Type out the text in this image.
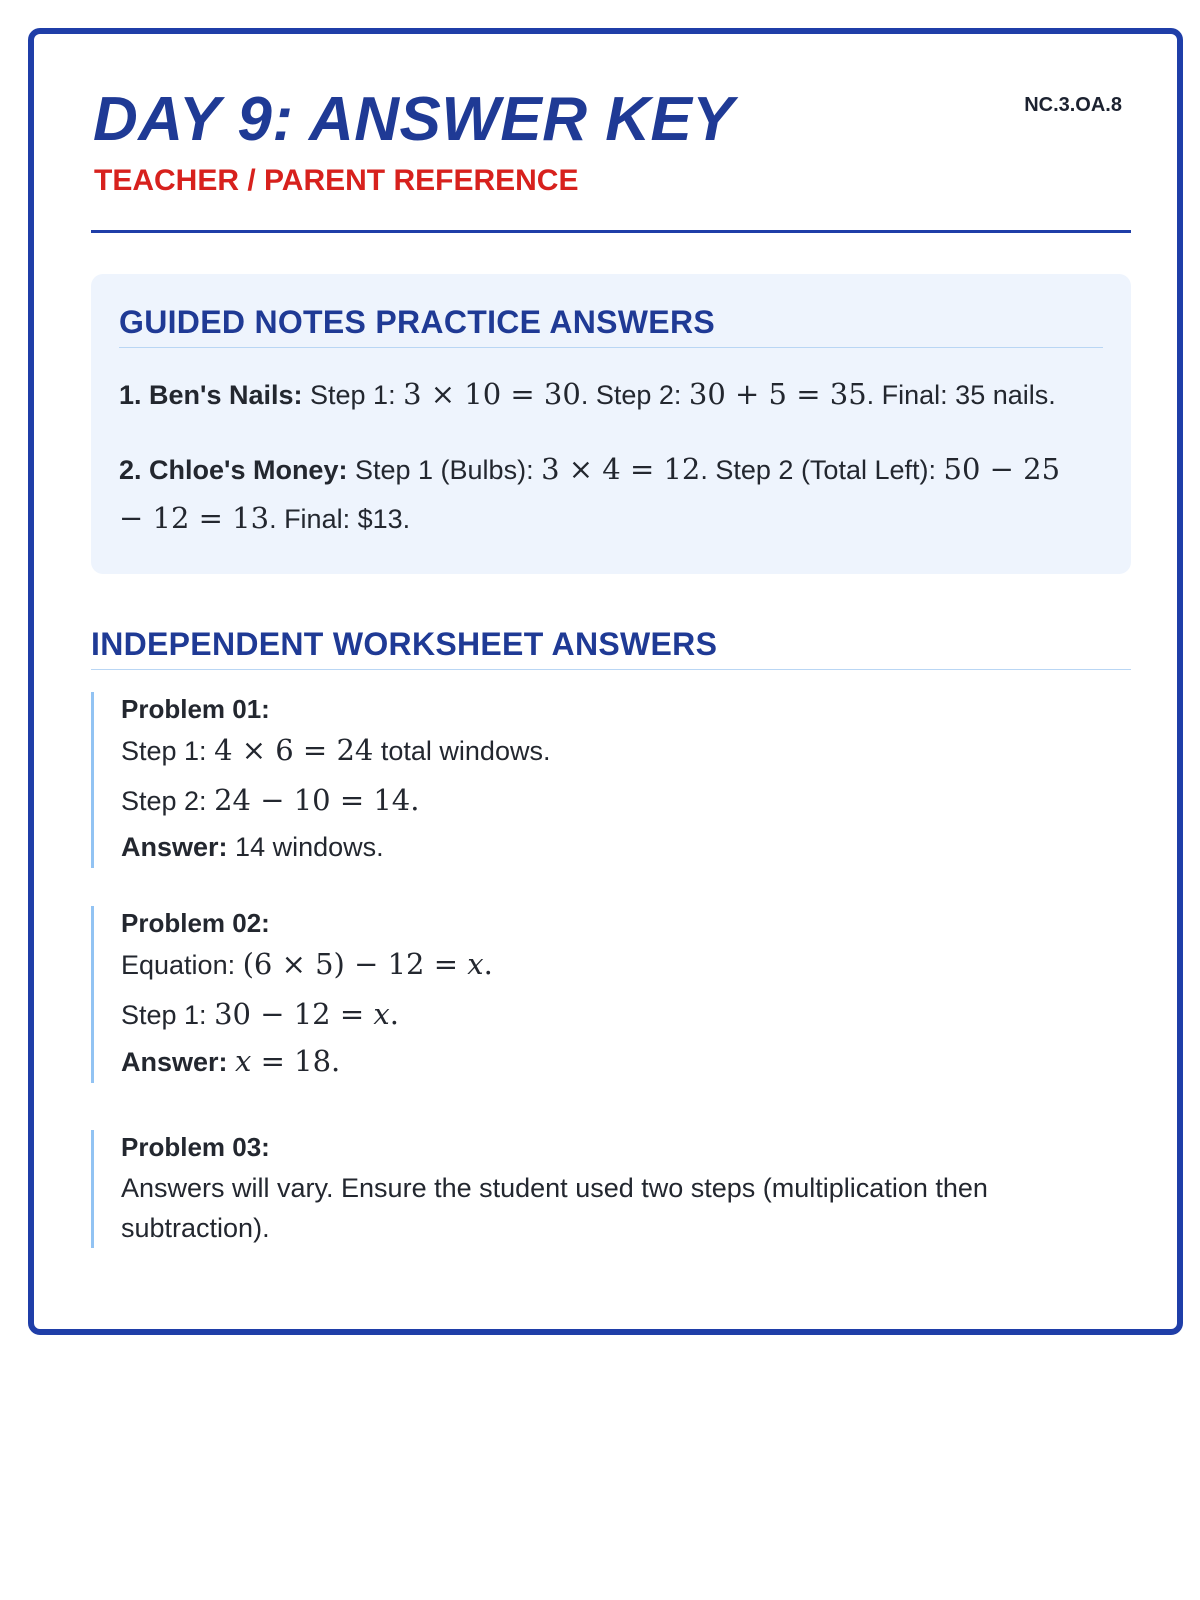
NC.3.OA.8
DAY 9: ANSWER KEY
TEACHER / PARENT REFERENCE
GUIDED NOTES PRACTICE ANSWERS
1. Ben's Nails: Step 1: 3 × 10 = 30. Step 2: 30 + 5 = 35. Final: 35 nails.
2. Chloe's Money: Step 1 (Bulbs): 3 × 4 = 12. Step 2 (Total Left): 50 − 25
− 12 = 13. Final: $13.
INDEPENDENT WORKSHEET ANSWERS
Problem 01:
Step 1: 4 × 6 = 24 total windows.
Step 2: 24 − 10 = 14.
Answer: 14 windows.
Problem 02:
Equation: (6 × 5) − 12 = x.
Step 1: 30 − 12 = x.
Answer: x = 18.
Problem 03:
Answers will vary. Ensure the student used two steps (multiplication then subtraction).
